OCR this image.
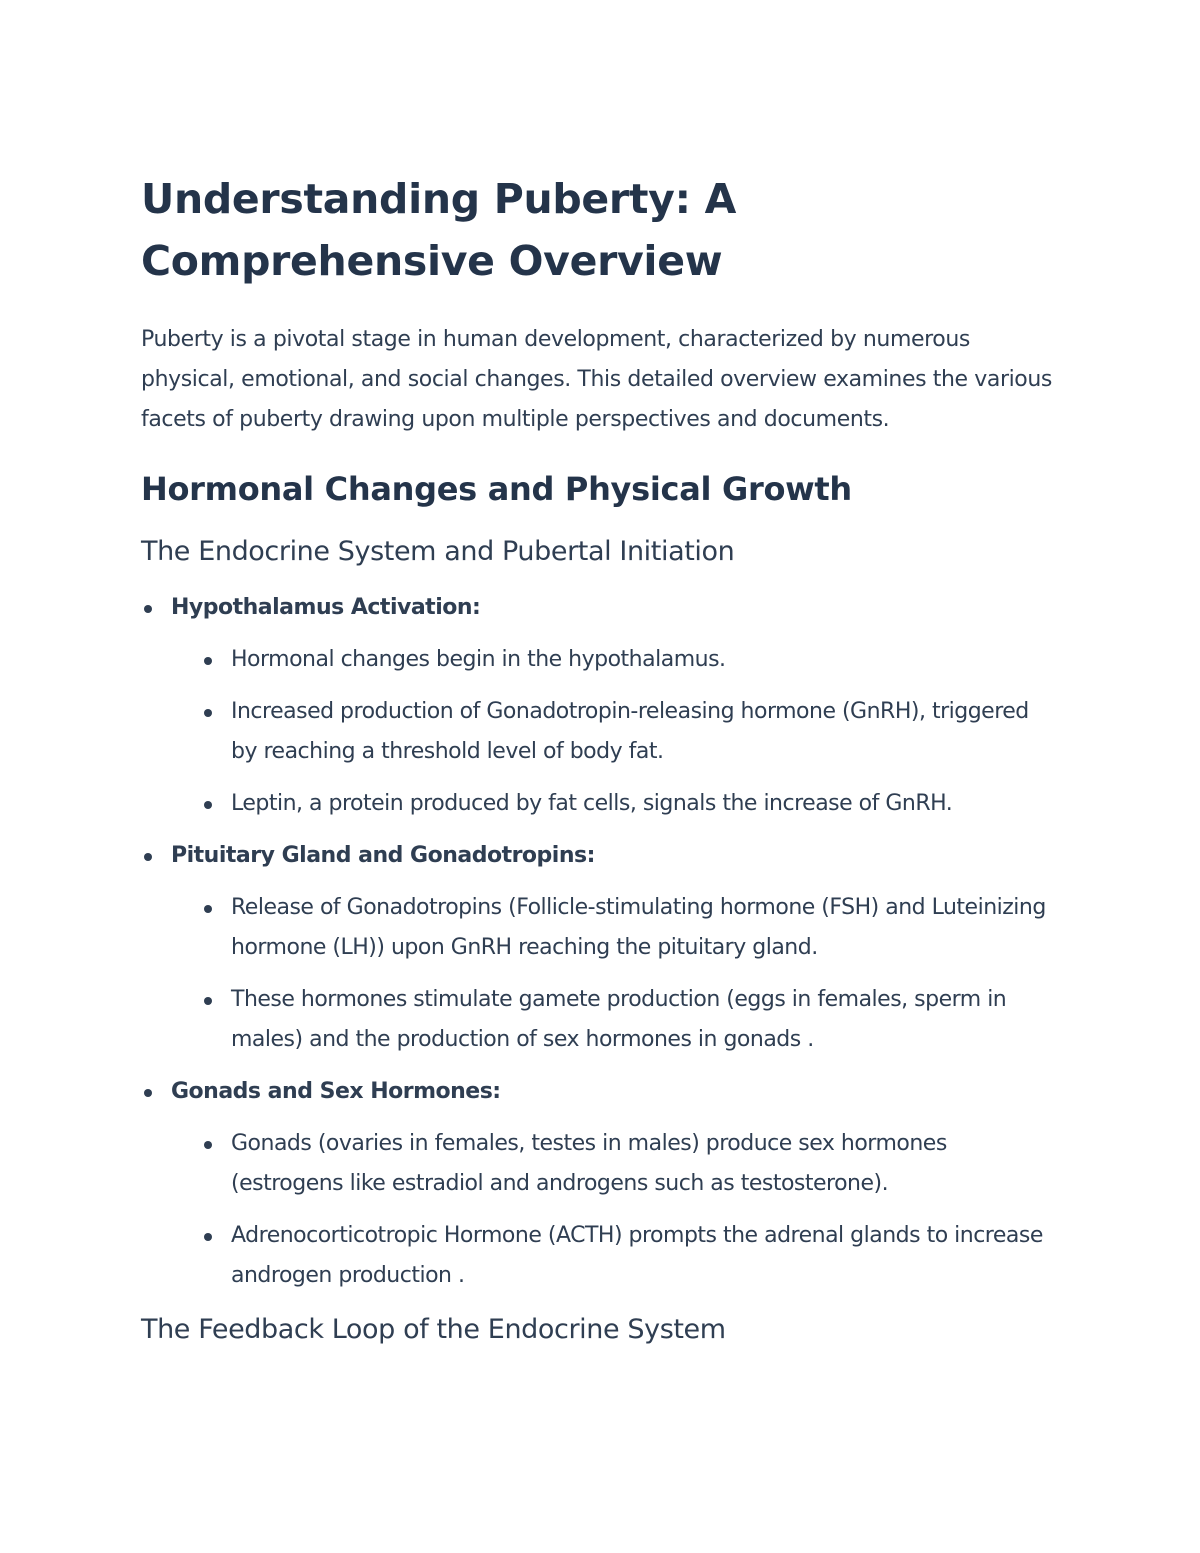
Understanding Puberty: A Comprehensive Overview

Puberty is a pivotal stage in human development, characterized by numerous physical, emotional, and social changes. This detailed overview examines the various facets of puberty drawing upon multiple perspectives and documents.

Hormonal Changes and Physical Growth
The Endocrine System and Pubertal Initiation
Hypothalamus Activation:
Hormonal changes begin in the hypothalamus.
Increased production of Gonadotropin-releasing hormone (GnRH), triggered by reaching a threshold level of body fat.
Leptin, a protein produced by fat cells, signals the increase of GnRH.
Pituitary Gland and Gonadotropins:
Release of Gonadotropins (Follicle-stimulating hormone (FSH) and Luteinizing hormone (LH)) upon GnRH reaching the pituitary gland.
These hormones stimulate gamete production (eggs in females, sperm in males) and the production of sex hormones in gonads .
Gonads and Sex Hormones:
Gonads (ovaries in females, testes in males) produce sex hormones (estrogens like estradiol and androgens such as testosterone).
Adrenocorticotropic Hormone (ACTH) prompts the adrenal glands to increase androgen production .
The Feedback Loop of the Endocrine System
